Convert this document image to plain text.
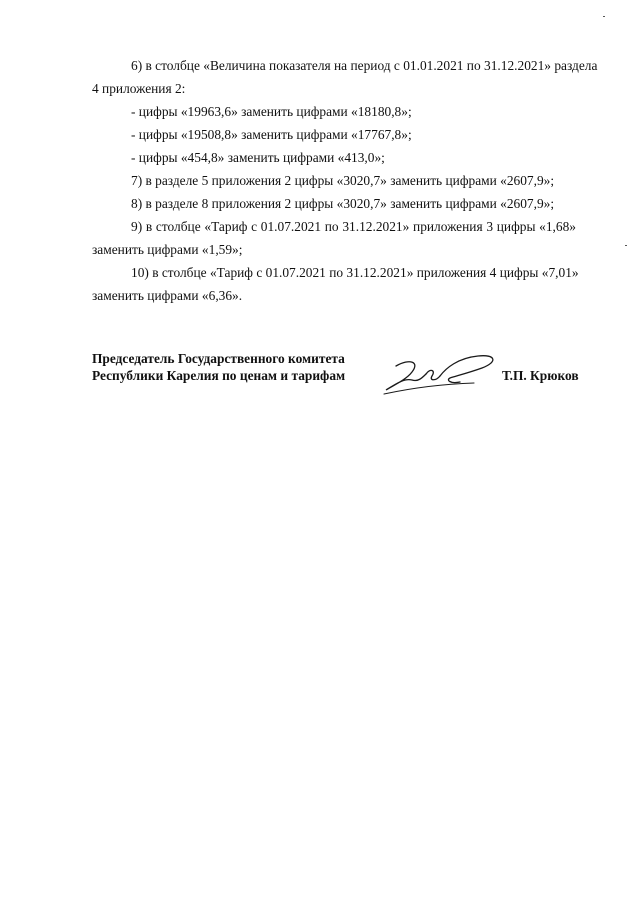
6) в столбце «Величина показателя на период с 01.01.2021 по 31.12.2021» раздела
4 приложения 2:
- цифры «19963,6» заменить цифрами «18180,8»;
- цифры «19508,8» заменить цифрами «17767,8»;
- цифры «454,8» заменить цифрами «413,0»;
7) в разделе 5 приложения 2 цифры «3020,7» заменить цифрами «2607,9»;
8) в разделе 8 приложения 2 цифры «3020,7» заменить цифрами «2607,9»;
9) в столбце «Тариф с 01.07.2021 по 31.12.2021» приложения 3 цифры «1,68»
заменить цифрами «1,59»;
10) в столбце «Тариф с 01.07.2021 по 31.12.2021» приложения 4 цифры «7,01»
заменить цифрами «6,36».
Председатель Государственного комитета
Республики Карелия по ценам и тарифам	Т.П. Крюков
